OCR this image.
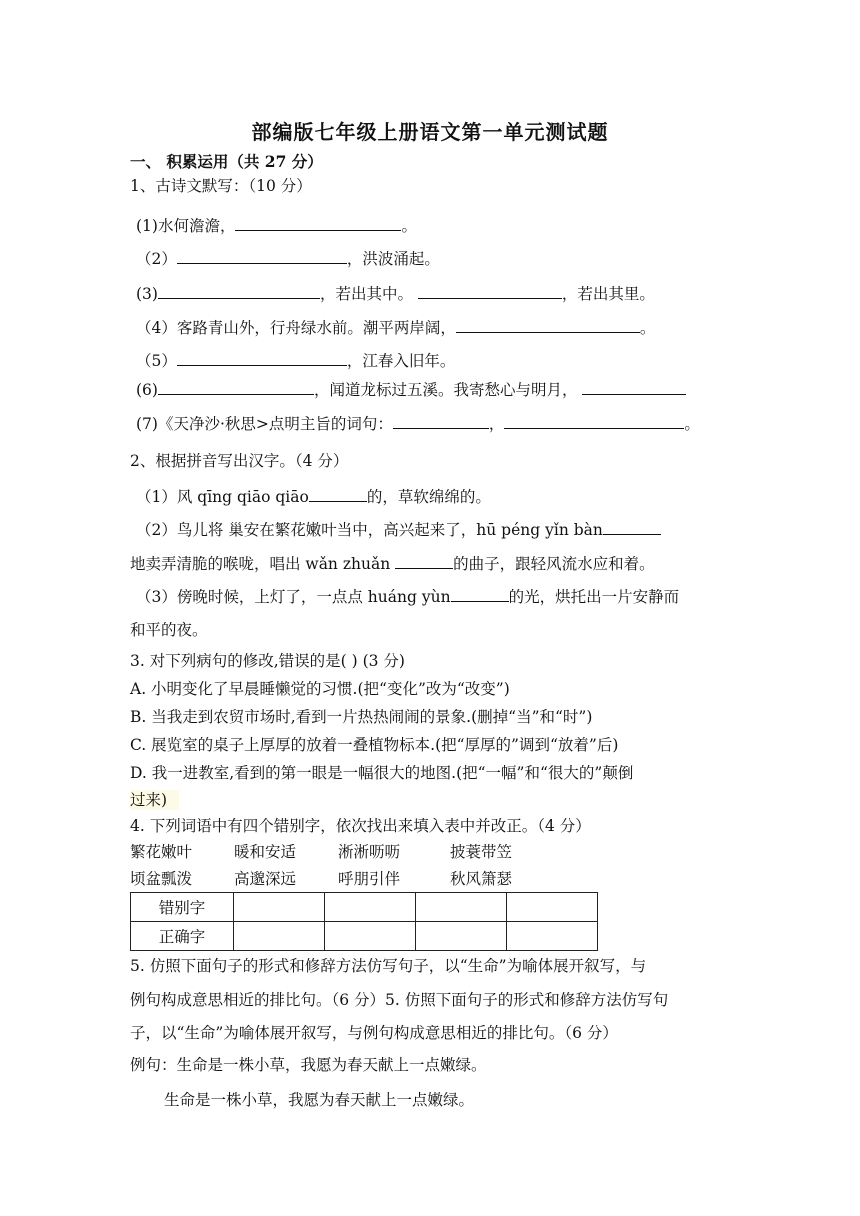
部编版七年级上册语文第一单元测试题
一、 积累运用（共 27 分）
1、古诗文默写：（10 分）
(1)水何澹澹，	。
（2）	，洪波涌起。
(3)	，若出其中。	，若出其里。
（4）客路青山外，行舟绿水前。潮平两岸阔，	。
（5）	，江春入旧年。
(6)	，闻道龙标过五溪。我寄愁心与明月，
(7)《天净沙·秋思>点明主旨的词句：	，	。
2、根据拼音写出汉字。（4 分）
（1）风 qīng qiāo qiāo	的，草软绵绵的。
（2）鸟儿将 巢安在繁花嫩叶当中，高兴起来了，hū péng yǐn bàn
地卖弄清脆的喉咙，唱出 wǎn zhuǎn	的曲子，跟轻风流水应和着。
（3）傍晚时候，上灯了，一点点 huáng yùn	的光，烘托出一片安静而
和平的夜。
3. 对下列病句的修改,错误的是( ) (3 分)
A. 小明变化了早晨睡懒觉的习惯.(把“变化”改为“改变”)
B. 当我走到农贸市场时,看到一片热热闹闹的景象.(删掉“当”和“时”)
C. 展览室的桌子上厚厚的放着一叠植物标本.(把“厚厚的”调到“放着”后)
D. 我一进教室,看到的第一眼是一幅很大的地图.(把“一幅”和“很大的”颠倒
过来)
4. 下列词语中有四个错别字，依次找出来填入表中并改正。（4 分）
繁花嫩叶	暖和安适	淅淅呖呖	披蓑带笠
顷盆瓢泼	高邈深远	呼朋引伴	秋风箫瑟
错别字				
正确字				
5. 仿照下面句子的形式和修辞方法仿写句子，以“生命”为喻体展开叙写，与
例句构成意思相近的排比句。（6 分）5. 仿照下面句子的形式和修辞方法仿写句
子，以“生命”为喻体展开叙写，与例句构成意思相近的排比句。（6 分）
例句：生命是一株小草，我愿为春天献上一点嫩绿。
生命是一株小草，我愿为春天献上一点嫩绿。
